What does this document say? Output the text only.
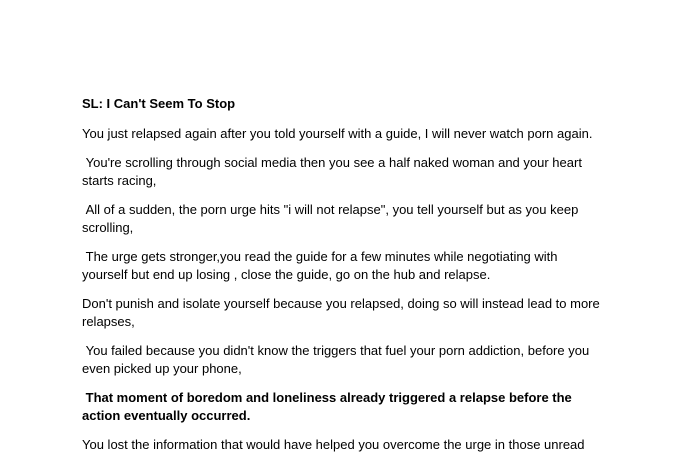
SL: I Can't Seem To Stop

You just relapsed again after you told yourself with a guide, I will never watch porn again.

You're scrolling through social media then you see a half naked woman and your heart starts racing,

All of a sudden, the porn urge hits "i will not relapse", you tell yourself but as you keep scrolling,

The urge gets stronger,you read the guide for a few minutes while negotiating with yourself but end up losing , close the guide, go on the hub and relapse.

Don't punish and isolate yourself because you relapsed, doing so will instead lead to more relapses,

You failed because you didn't know the triggers that fuel your porn addiction, before you even picked up your phone,

That moment of boredom and loneliness already triggered a relapse before the action eventually occurred.

You lost the information that would have helped you overcome the urge in those unread
